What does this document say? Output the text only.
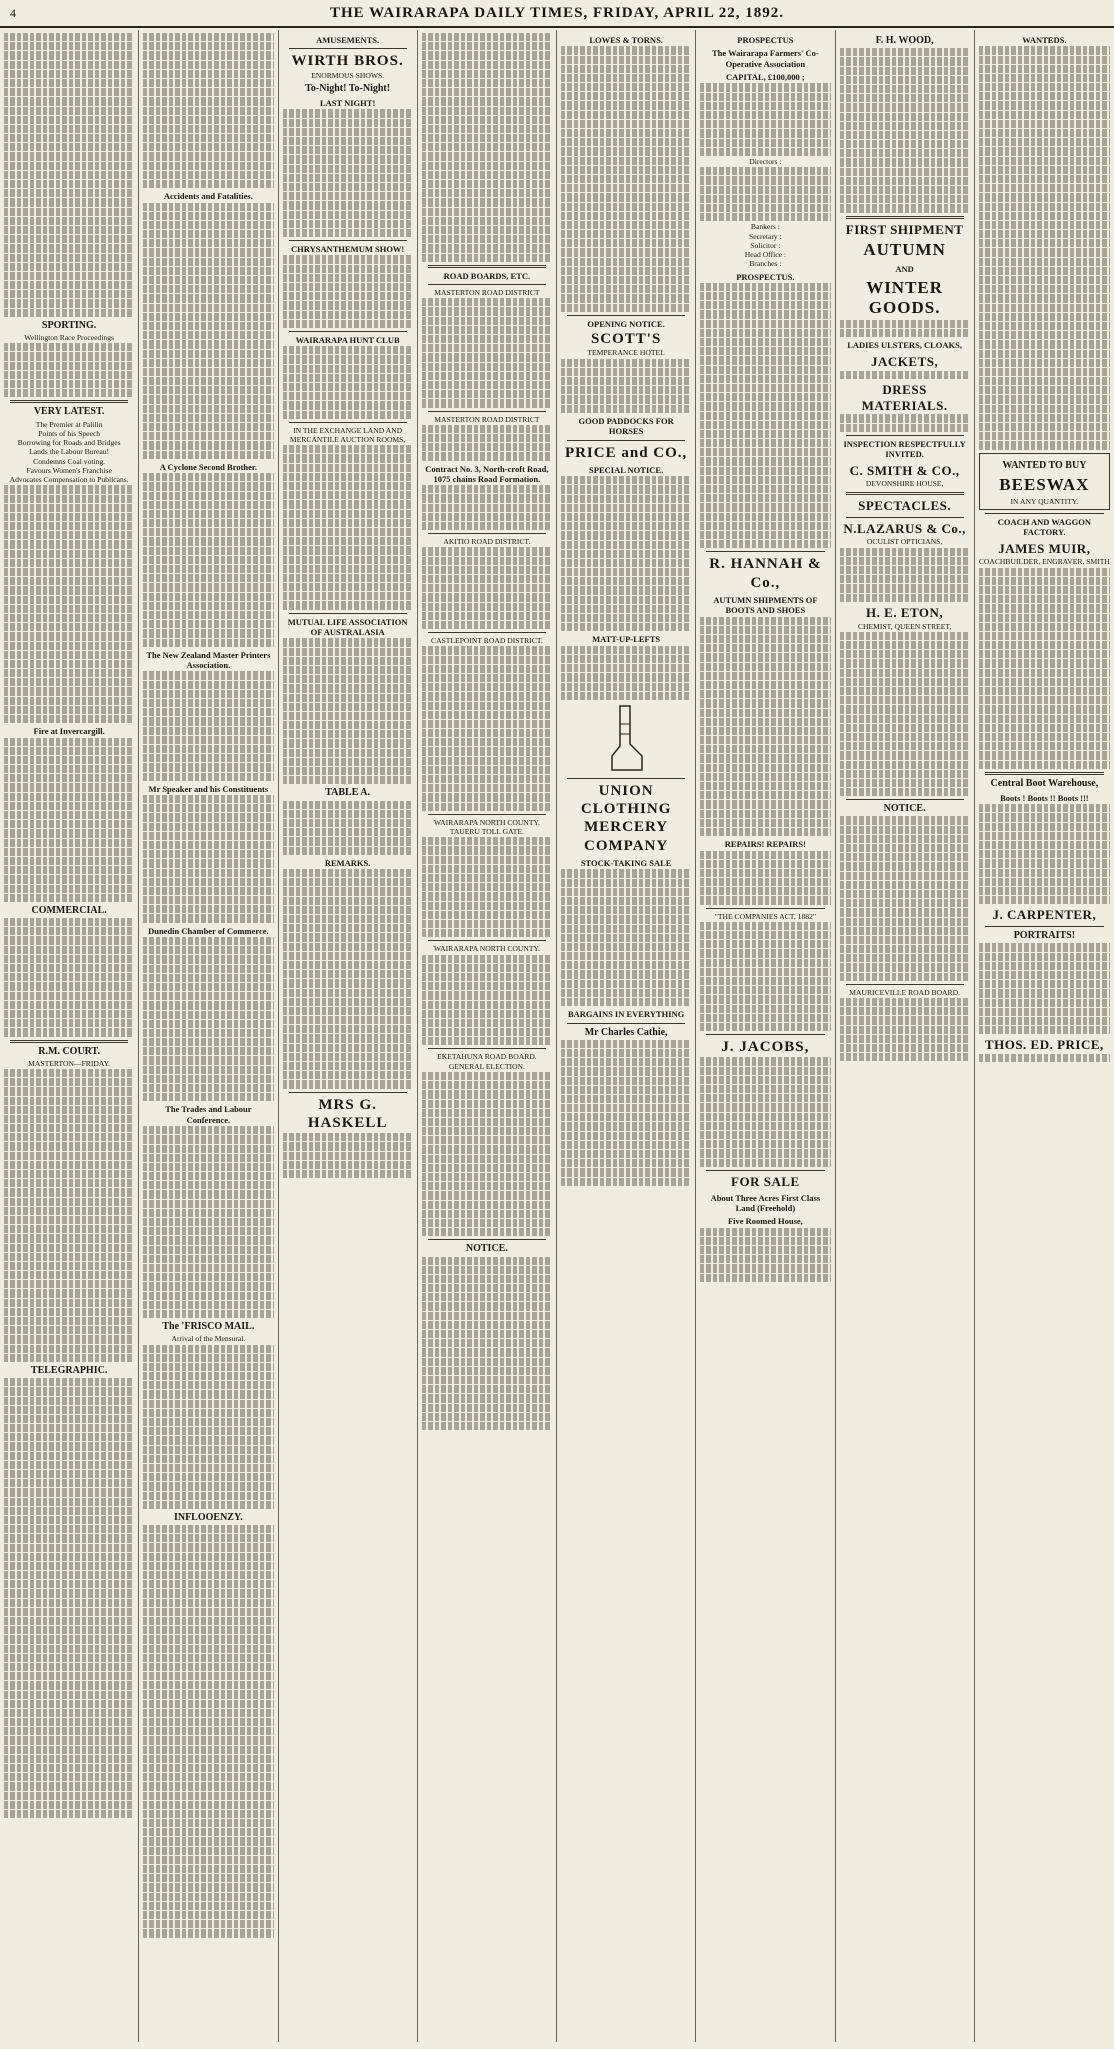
4	THE WAIRARAPA DAILY TIMES, FRIDAY, APRIL 22, 1892.
SPORTING.
Wellington Race Proceedings
VERY LATEST.
The Premier at Palilin
Points of his Speech
Borrowing for Roads and Bridges
Lands the Labour Bureau!
Condemns Coal voting.
Favours Women's Franchise
Advocates Compensation to Publicans.
Fire at Invercargill.
COMMERCIAL.
R.M. COURT.
MASTERTON—FRIDAY.
TELEGRAPHIC.
Accidents and Fatalities.
A Cyclone Second Brother.
The New Zealand Master Printers Association.
Mr Speaker and his Constituents
Dunedin Chamber of Commerce.
The Trades and Labour Conference.
The 'FRISCO MAIL.
Arrival of the Mensural.
INFLOOENZY.
AMUSEMENTS.
WIRTH BROS.
ENORMOUS SHOWS.
To-Night! To-Night!
LAST NIGHT!
CHRYSANTHEMUM SHOW!
WAIRARAPA HUNT CLUB
IN THE EXCHANGE LAND AND MERCANTILE AUCTION ROOMS,
MUTUAL LIFE ASSOCIATION OF AUSTRALASIA
TABLE A.
REMARKS.
MRS G. HASKELL
ROAD BOARDS, ETC.
MASTERTON ROAD DISTRICT
MASTERTON ROAD DISTRICT
Contract No. 3, North-croft Road, 1075 chains Road Formation.
AKITIO ROAD DISTRICT.
CASTLEPOINT ROAD DISTRICT.
WAIRARAPA NORTH COUNTY.
TAUERU TOLL GATE.
WAIRARAPA NORTH COUNTY.
EKETAHUNA ROAD BOARD.
GENERAL ELECTION.
NOTICE.
LOWES & TORNS.
OPENING NOTICE.
SCOTT'S
TEMPERANCE HOTEL
GOOD PADDOCKS FOR HORSES
PRICE and CO.,
SPECIAL NOTICE.
MATT-UP-LEFTS
UNION CLOTHING
MERCERY COMPANY
STOCK-TAKING SALE
BARGAINS IN EVERYTHING
Mr Charles Cathie,
PROSPECTUS
The Wairarapa Farmers' Co-Operative Association
CAPITAL, £100,000 ;
Directors :
Bankers :
Secretary :
Solicitor :
Head Office :
Branches :
PROSPECTUS.
R. HANNAH & Co.,
AUTUMN SHIPMENTS OF BOOTS AND SHOES
REPAIRS! REPAIRS!
"THE COMPANIES ACT, 1882"
J. JACOBS,
FOR SALE
About Three Acres First Class Land (Freehold)
Five Roomed House,
F. H. WOOD,
FIRST SHIPMENT
AUTUMN
AND
WINTER GOODS.
LADIES ULSTERS, CLOAKS,
JACKETS,
DRESS MATERIALS.
INSPECTION RESPECTFULLY INVITED.
C. SMITH & CO.,
DEVONSHIRE HOUSE,
SPECTACLES.
N.LAZARUS & Co.,
OCULIST OPTICIANS,
H. E. ETON,
CHEMIST, QUEEN STREET,
NOTICE.
MAURICEVILLE ROAD BOARD.
WANTEDS.
WANTED TO BUY
BEESWAX
IN ANY QUANTITY.
COACH AND WAGGON FACTORY.
JAMES MUIR,
COACHBUILDER, ENGRAVER, SMITH
Central Boot Warehouse,
Boots ! Boots !! Boots !!!
J. CARPENTER,
PORTRAITS!
THOS. ED. PRICE,
